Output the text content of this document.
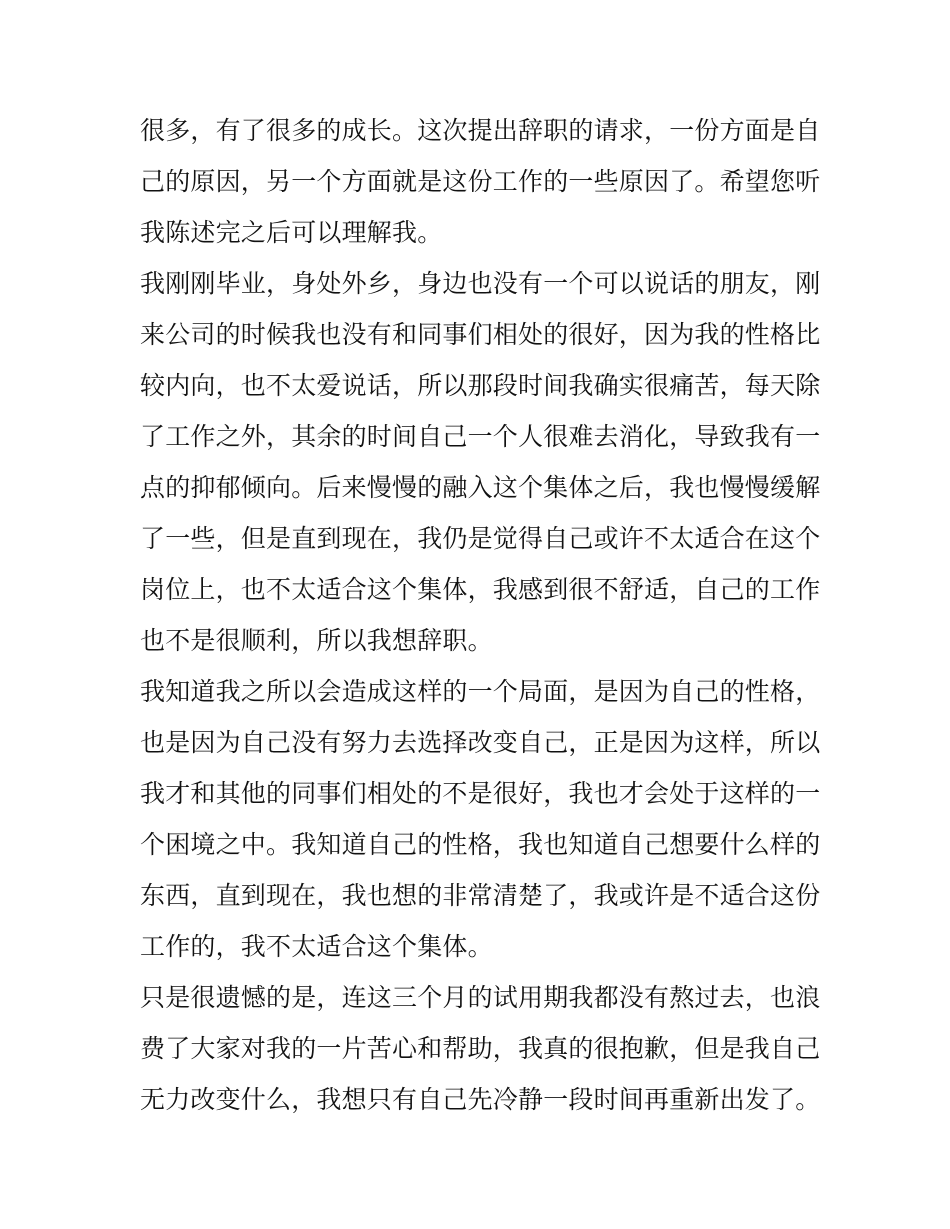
很多，有了很多的成长。这次提出辞职的请求，一份方面是自
己的原因，另一个方面就是这份工作的一些原因了。希望您听
我陈述完之后可以理解我。
我刚刚毕业，身处外乡，身边也没有一个可以说话的朋友，刚
来公司的时候我也没有和同事们相处的很好，因为我的性格比
较内向，也不太爱说话，所以那段时间我确实很痛苦，每天除
了工作之外，其余的时间自己一个人很难去消化，导致我有一
点的抑郁倾向。后来慢慢的融入这个集体之后，我也慢慢缓解
了一些，但是直到现在，我仍是觉得自己或许不太适合在这个
岗位上，也不太适合这个集体，我感到很不舒适，自己的工作
也不是很顺利，所以我想辞职。
我知道我之所以会造成这样的一个局面，是因为自己的性格，
也是因为自己没有努力去选择改变自己，正是因为这样，所以
我才和其他的同事们相处的不是很好，我也才会处于这样的一
个困境之中。我知道自己的性格，我也知道自己想要什么样的
东西，直到现在，我也想的非常清楚了，我或许是不适合这份
工作的，我不太适合这个集体。
只是很遗憾的是，连这三个月的试用期我都没有熬过去，也浪
费了大家对我的一片苦心和帮助，我真的很抱歉，但是我自己
无力改变什么，我想只有自己先冷静一段时间再重新出发了。
